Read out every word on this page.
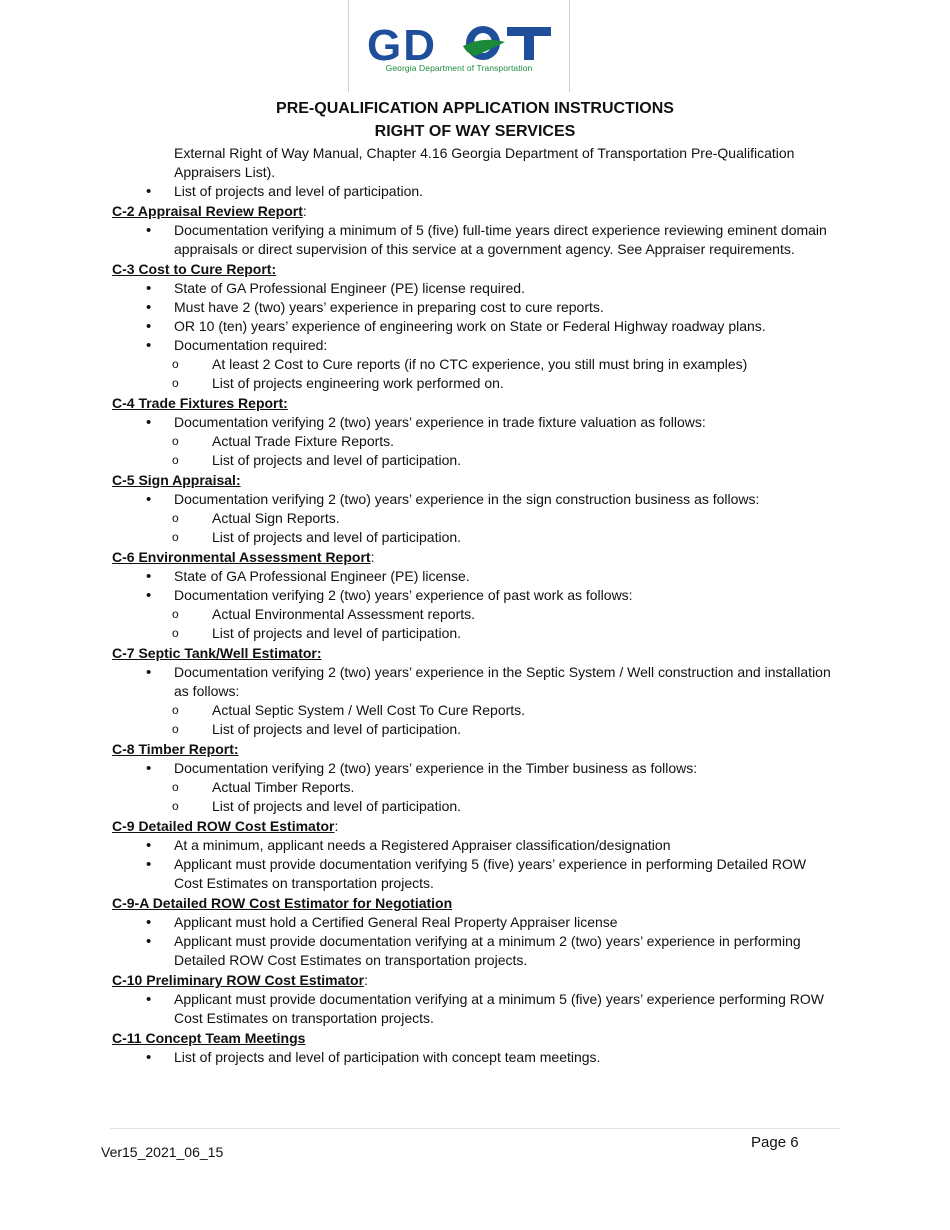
GD
Georgia Department of Transportation
PRE-QUALIFICATION APPLICATION INSTRUCTIONS
RIGHT OF WAY SERVICES
External Right of Way Manual, Chapter 4.16 Georgia Department of Transportation Pre-Qualification Appraisers List).
• List of projects and level of participation.
C-2 Appraisal Review Report:
• Documentation verifying a minimum of 5 (five) full-time years direct experience reviewing eminent domain appraisals or direct supervision of this service at a government agency. See Appraiser requirements.
C-3 Cost to Cure Report:
• State of GA Professional Engineer (PE) license required.
• Must have 2 (two) years’ experience in preparing cost to cure reports.
• OR 10 (ten) years’ experience of engineering work on State or Federal Highway roadway plans.
• Documentation required:
o At least 2 Cost to Cure reports (if no CTC experience, you still must bring in examples)
o List of projects engineering work performed on.
C-4 Trade Fixtures Report:
• Documentation verifying 2 (two) years’ experience in trade fixture valuation as follows:
o Actual Trade Fixture Reports.
o List of projects and level of participation.
C-5 Sign Appraisal:
• Documentation verifying 2 (two) years’ experience in the sign construction business as follows:
o Actual Sign Reports.
o List of projects and level of participation.
C-6 Environmental Assessment Report:
• State of GA Professional Engineer (PE) license.
• Documentation verifying 2 (two) years’ experience of past work as follows:
o Actual Environmental Assessment reports.
o List of projects and level of participation.
C-7 Septic Tank/Well Estimator:
• Documentation verifying 2 (two) years’ experience in the Septic System / Well construction and installation as follows:
o Actual Septic System / Well Cost To Cure Reports.
o List of projects and level of participation.
C-8 Timber Report:
• Documentation verifying 2 (two) years’ experience in the Timber business as follows:
o Actual Timber Reports.
o List of projects and level of participation.
C-9 Detailed ROW Cost Estimator:
• At a minimum, applicant needs a Registered Appraiser classification/designation
• Applicant must provide documentation verifying 5 (five) years’ experience in performing Detailed ROW Cost Estimates on transportation projects.
C-9-A Detailed ROW Cost Estimator for Negotiation
• Applicant must hold a Certified General Real Property Appraiser license
• Applicant must provide documentation verifying at a minimum 2 (two) years’ experience in performing Detailed ROW Cost Estimates on transportation projects.
C-10 Preliminary ROW Cost Estimator:
• Applicant must provide documentation verifying at a minimum 5 (five) years’ experience performing ROW Cost Estimates on transportation projects.
C-11 Concept Team Meetings
• List of projects and level of participation with concept team meetings.
Page 6
Ver15_2021_06_15
